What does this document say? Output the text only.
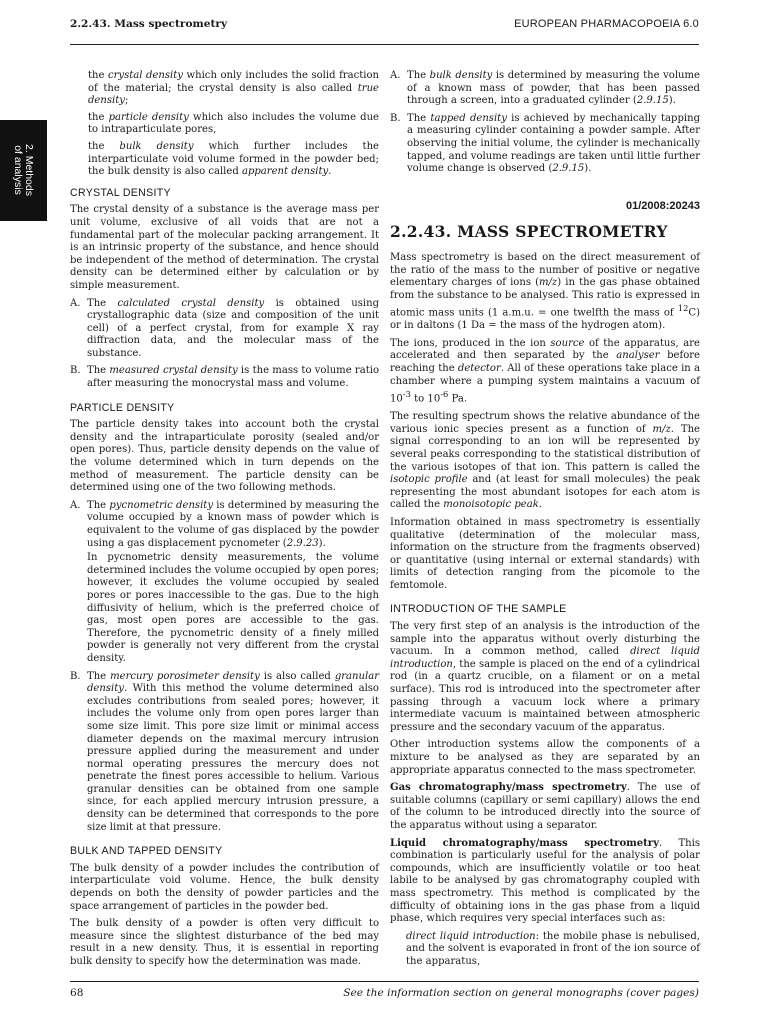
2.2.43. Mass spectrometry	EUROPEAN PHARMACOPOEIA 6.0
2. Methods
of analysis

the crystal density which only includes the solid fraction of the material; the crystal density is also called true density;

the particle density which also includes the volume due to intraparticulate pores,

the bulk density which further includes the interparticulate void volume formed in the powder bed; the bulk density is also called apparent density.

CRYSTAL DENSITY

The crystal density of a substance is the average mass per unit volume, exclusive of all voids that are not a fundamental part of the molecular packing arrangement. It is an intrinsic property of the substance, and hence should be independent of the method of determination. The crystal density can be determined either by calculation or by simple measurement.

A. The calculated crystal density is obtained using crystallographic data (size and composition of the unit cell) of a perfect crystal, from for example X ray diffraction data, and the molecular mass of the substance.
B. The measured crystal density is the mass to volume ratio after measuring the monocrystal mass and volume.
PARTICLE DENSITY

The particle density takes into account both the crystal density and the intraparticulate porosity (sealed and/or open pores). Thus, particle density depends on the value of the volume determined which in turn depends on the method of measurement. The particle density can be determined using one of the two following methods.

A. The pycnometric density is determined by measuring the volume occupied by a known mass of powder which is equivalent to the volume of gas displaced by the powder using a gas displacement pycnometer (2.9.23).

In pycnometric density measurements, the volume determined includes the volume occupied by open pores; however, it excludes the volume occupied by sealed pores or pores inaccessible to the gas. Due to the high diffusivity of helium, which is the preferred choice of gas, most open pores are accessible to the gas. Therefore, the pycnometric density of a finely milled powder is generally not very different from the crystal density.

B. The mercury porosimeter density is also called granular density. With this method the volume determined also excludes contributions from sealed pores; however, it includes the volume only from open pores larger than some size limit. This pore size limit or minimal access diameter depends on the maximal mercury intrusion pressure applied during the measurement and under normal operating pressures the mercury does not penetrate the finest pores accessible to helium. Various granular densities can be obtained from one sample since, for each applied mercury intrusion pressure, a density can be determined that corresponds to the pore size limit at that pressure.
BULK AND TAPPED DENSITY

The bulk density of a powder includes the contribution of interparticulate void volume. Hence, the bulk density depends on both the density of powder particles and the space arrangement of particles in the powder bed.

The bulk density of a powder is often very difficult to measure since the slightest disturbance of the bed may result in a new density. Thus, it is essential in reporting bulk density to specify how the determination was made.

A. The bulk density is determined by measuring the volume of a known mass of powder, that has been passed through a screen, into a graduated cylinder (2.9.15).
B. The tapped density is achieved by mechanically tapping a measuring cylinder containing a powder sample. After observing the initial volume, the cylinder is mechanically tapped, and volume readings are taken until little further volume change is observed (2.9.15).
01/2008:20243
2.2.43. MASS SPECTROMETRY

Mass spectrometry is based on the direct measurement of the ratio of the mass to the number of positive or negative elementary charges of ions (m/z) in the gas phase obtained from the substance to be analysed. This ratio is expressed in atomic mass units (1 a.m.u. = one twelfth the mass of $^{12}$C) or in daltons (1 Da = the mass of the hydrogen atom).

The ions, produced in the ion source of the apparatus, are accelerated and then separated by the analyser before reaching the detector. All of these operations take place in a chamber where a pumping system maintains a vacuum of $10^{-3}$ to $10^{-6}$ Pa.

The resulting spectrum shows the relative abundance of the various ionic species present as a function of m/z. The signal corresponding to an ion will be represented by several peaks corresponding to the statistical distribution of the various isotopes of that ion. This pattern is called the isotopic profile and (at least for small molecules) the peak representing the most abundant isotopes for each atom is called the monoisotopic peak.

Information obtained in mass spectrometry is essentially qualitative (determination of the molecular mass, information on the structure from the fragments observed) or quantitative (using internal or external standards) with limits of detection ranging from the picomole to the femtomole.

INTRODUCTION OF THE SAMPLE

The very first step of an analysis is the introduction of the sample into the apparatus without overly disturbing the vacuum. In a common method, called direct liquid introduction, the sample is placed on the end of a cylindrical rod (in a quartz crucible, on a filament or on a metal surface). This rod is introduced into the spectrometer after passing through a vacuum lock where a primary intermediate vacuum is maintained between atmospheric pressure and the secondary vacuum of the apparatus.

Other introduction systems allow the components of a mixture to be analysed as they are separated by an appropriate apparatus connected to the mass spectrometer.

Gas chromatography/mass spectrometry. The use of suitable columns (capillary or semi capillary) allows the end of the column to be introduced directly into the source of the apparatus without using a separator.

Liquid chromatography/mass spectrometry. This combination is particularly useful for the analysis of polar compounds, which are insufficiently volatile or too heat labile to be analysed by gas chromatography coupled with mass spectrometry. This method is complicated by the difficulty of obtaining ions in the gas phase from a liquid phase, which requires very special interfaces such as:

direct liquid introduction: the mobile phase is nebulised, and the solvent is evaporated in front of the ion source of the apparatus,

68	See the information section on general monographs (cover pages)
